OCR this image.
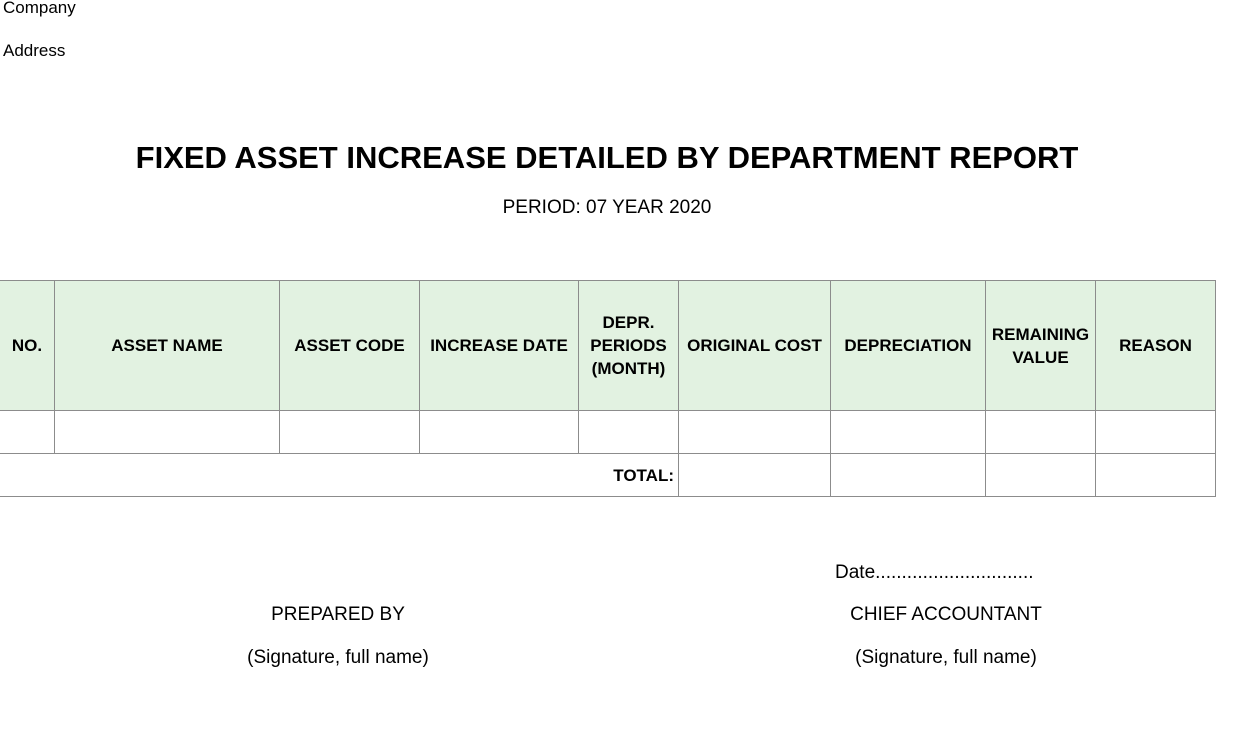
Company
Address
FIXED ASSET INCREASE DETAILED BY DEPARTMENT REPORT
PERIOD: 07 YEAR 2020
NO.	ASSET NAME	ASSET CODE	INCREASE DATE	DEPR. PERIODS (MONTH)	ORIGINAL COST	DEPRECIATION	REMAINING VALUE	REASON

TOTAL:								
Date..............................
PREPARED BY
(Signature, full name)
CHIEF ACCOUNTANT
(Signature, full name)
